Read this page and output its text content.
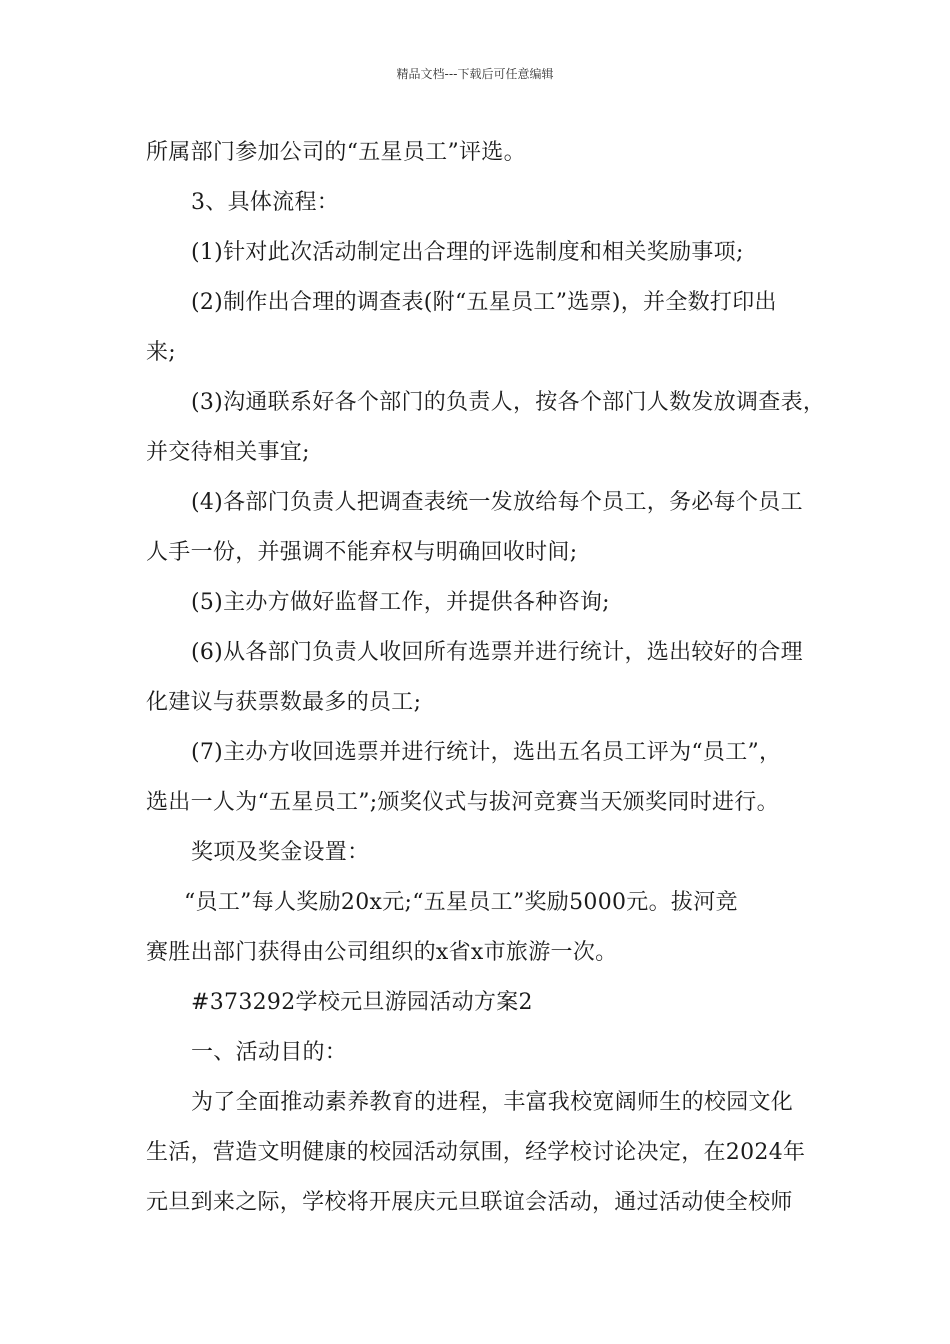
精品文档---下载后可任意编辑
所属部门参加公司的“五星员工”评选。
3、具体流程：
(1)针对此次活动制定出合理的评选制度和相关奖励事项;
(2)制作出合理的调查表(附“五星员工”选票)，并全数打印出
来;
(3)沟通联系好各个部门的负责人，按各个部门人数发放调查表，
并交待相关事宜;
(4)各部门负责人把调查表统一发放给每个员工，务必每个员工
人手一份，并强调不能弃权与明确回收时间;
(5)主办方做好监督工作，并提供各种咨询;
(6)从各部门负责人收回所有选票并进行统计，选出较好的合理
化建议与获票数最多的员工;
(7)主办方收回选票并进行统计，选出五名员工评为“员工”，
选出一人为“五星员工”;颁奖仪式与拔河竞赛当天颁奖同时进行。
奖项及奖金设置：
“员工”每人奖励20x元;“五星员工”奖励5000元。拔河竞
赛胜出部门获得由公司组织的x省x市旅游一次。
#373292学校元旦游园活动方案2
一、活动目的：
为了全面推动素养教育的进程，丰富我校宽阔师生的校园文化
生活，营造文明健康的校园活动氛围，经学校讨论决定，在2024年
元旦到来之际，学校将开展庆元旦联谊会活动，通过活动使全校师
